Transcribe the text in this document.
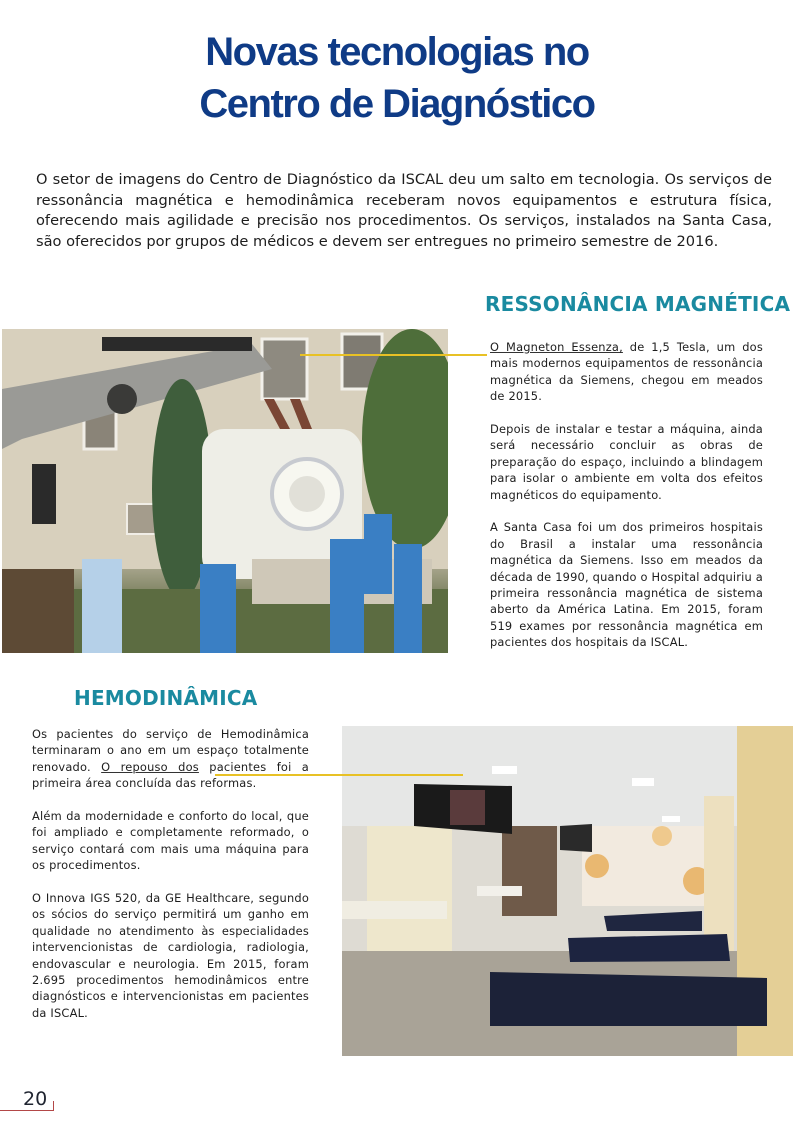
Novas tecnologias no
Centro de Diagnóstico

O setor de imagens do Centro de Diagnóstico da ISCAL deu um salto em tecnologia. Os serviços de ressonância magnética e hemodinâmica receberam novos equipamentos e estrutura física, oferecendo mais agilidade e precisão nos procedimentos. Os serviços, instalados na Santa Casa, são oferecidos por grupos de médicos e devem ser entregues no primeiro semestre de 2016.

RESSONÂNCIA MAGNÉTICA

O Magneton Essenza, de 1,5 Tesla, um dos mais modernos equipamentos de ressonância magnética da Siemens, chegou em meados de 2015.

Depois de instalar e testar a máquina, ainda será necessário concluir as obras de preparação do espaço, incluindo a blindagem para isolar o ambiente em volta dos efeitos magnéticos do equipamento.

A Santa Casa foi um dos primeiros hospitais do Brasil a instalar uma ressonância magnética da Siemens. Isso em meados da década de 1990, quando o Hospital adquiriu a primeira ressonância magnética de sistema aberto da América Latina. Em 2015, foram 519 exames por ressonância magnética em pacientes dos hospitais da ISCAL.

HEMODINÂMICA

Os pacientes do serviço de Hemodinâmica terminaram o ano em um espaço totalmente renovado. O repouso dos pacientes foi a primeira área concluída das reformas.

Além da modernidade e conforto do local, que foi ampliado e completamente reformado, o serviço contará com mais uma máquina para os procedimentos.

O Innova IGS 520, da GE Healthcare, segundo os sócios do serviço permitirá um ganho em qualidade no atendimento às especialidades intervencionistas de cardiologia, radiologia, endovascular e neurologia. Em 2015, foram 2.695 procedimentos hemodinâmicos entre diagnósticos e intervencionistas em pacientes da ISCAL.

20
